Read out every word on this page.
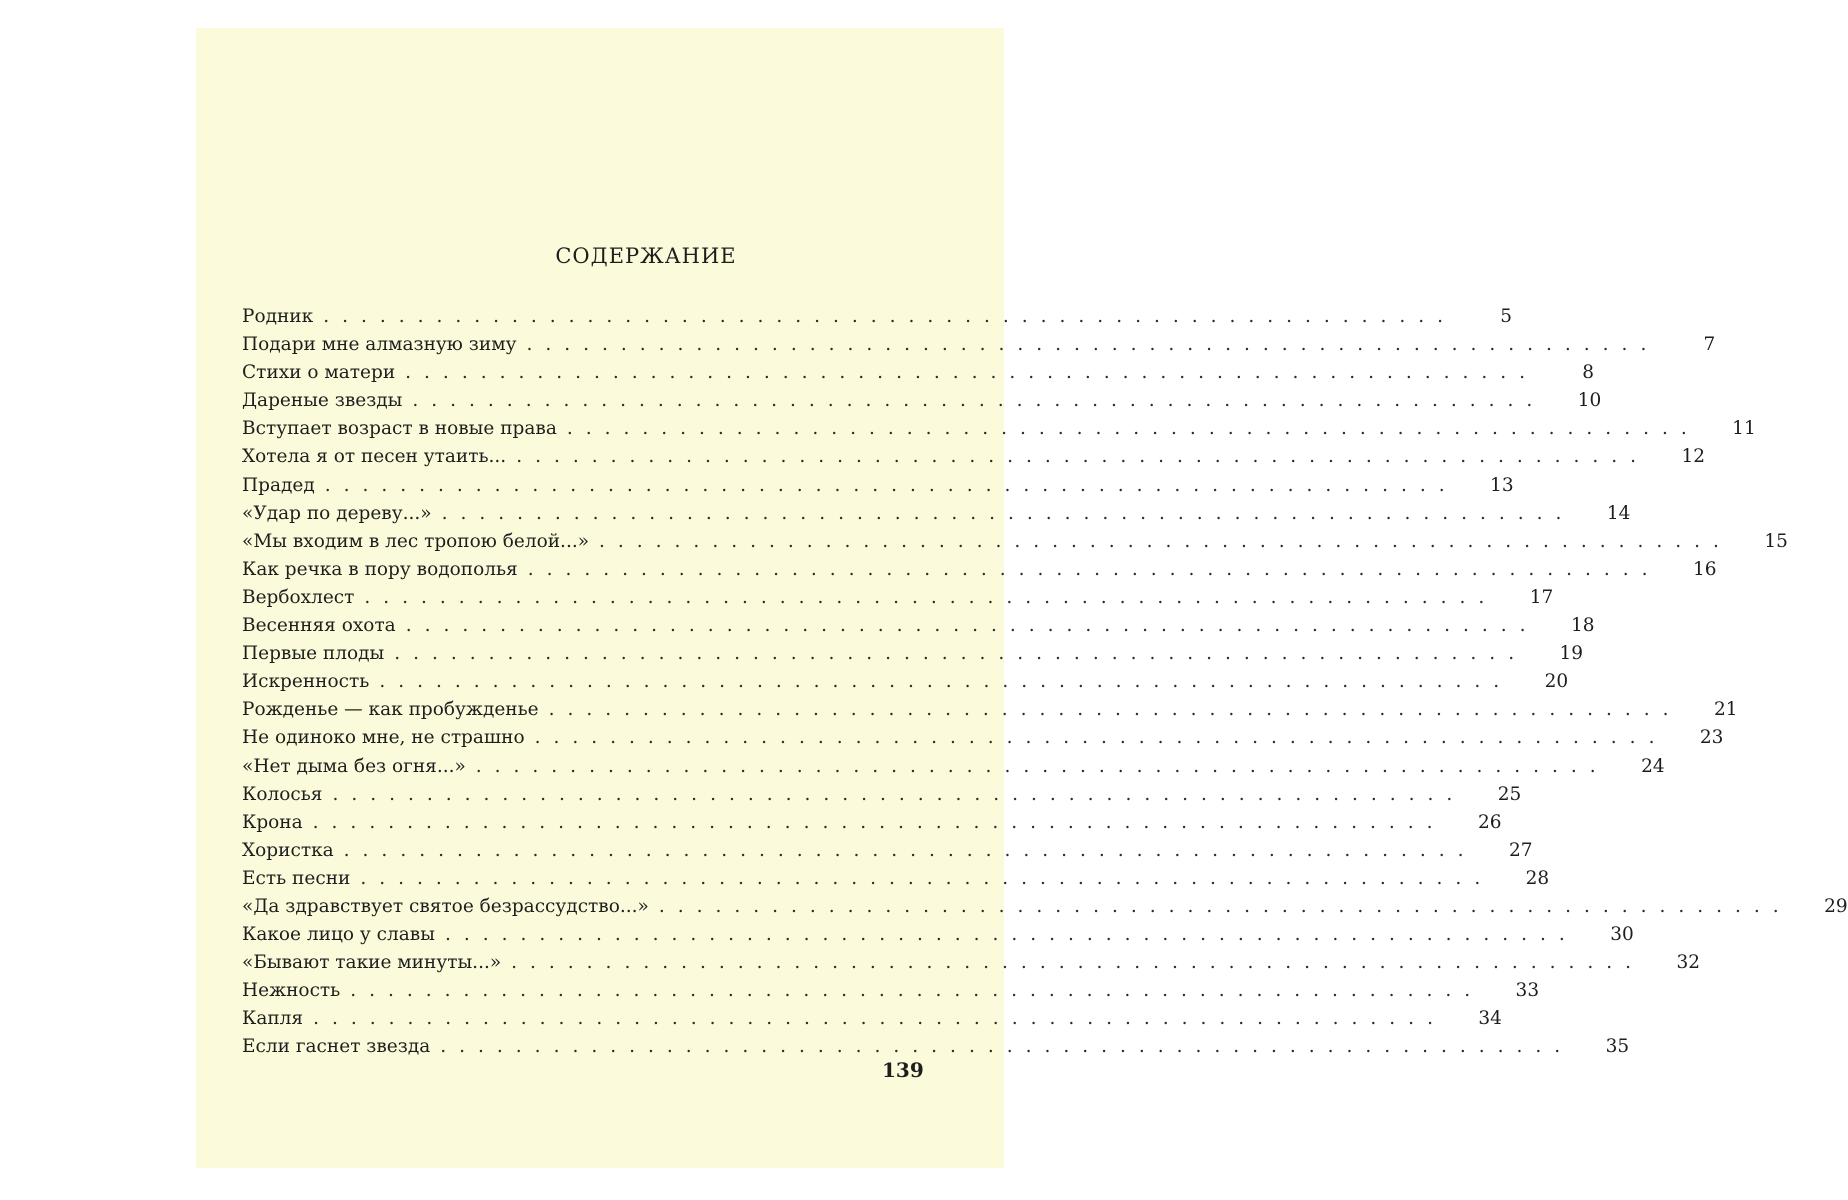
СОДЕРЖАНИЕ
Родник ............................................................	5
Подари мне алмазную зиму ............................................................	7
Стихи о матери ............................................................	8
Дареные звезды ............................................................	10
Вступает возраст в новые права ............................................................	11
Хотела я от песен утаить... ............................................................	12
Прадед ............................................................	13
«Удар по дереву...» ............................................................	14
«Мы входим в лес тропою белой...» ............................................................	15
Как речка в пору водополья ............................................................	16
Вербохлест ............................................................	17
Весенняя охота ............................................................	18
Первые плоды ............................................................	19
Искренность ............................................................	20
Рожденье — как пробужденье ............................................................	21
Не одиноко мне, не страшно ............................................................	23
«Нет дыма без огня...» ............................................................	24
Колосья ............................................................	25
Крона ............................................................	26
Хористка ............................................................	27
Есть песни ............................................................	28
«Да здравствует святое безрассудство...» ............................................................	29
Какое лицо у славы ............................................................	30
«Бывают такие минуты...» ............................................................	32
Нежность ............................................................	33
Капля ............................................................	34
Если гаснет звезда ............................................................	35
139
